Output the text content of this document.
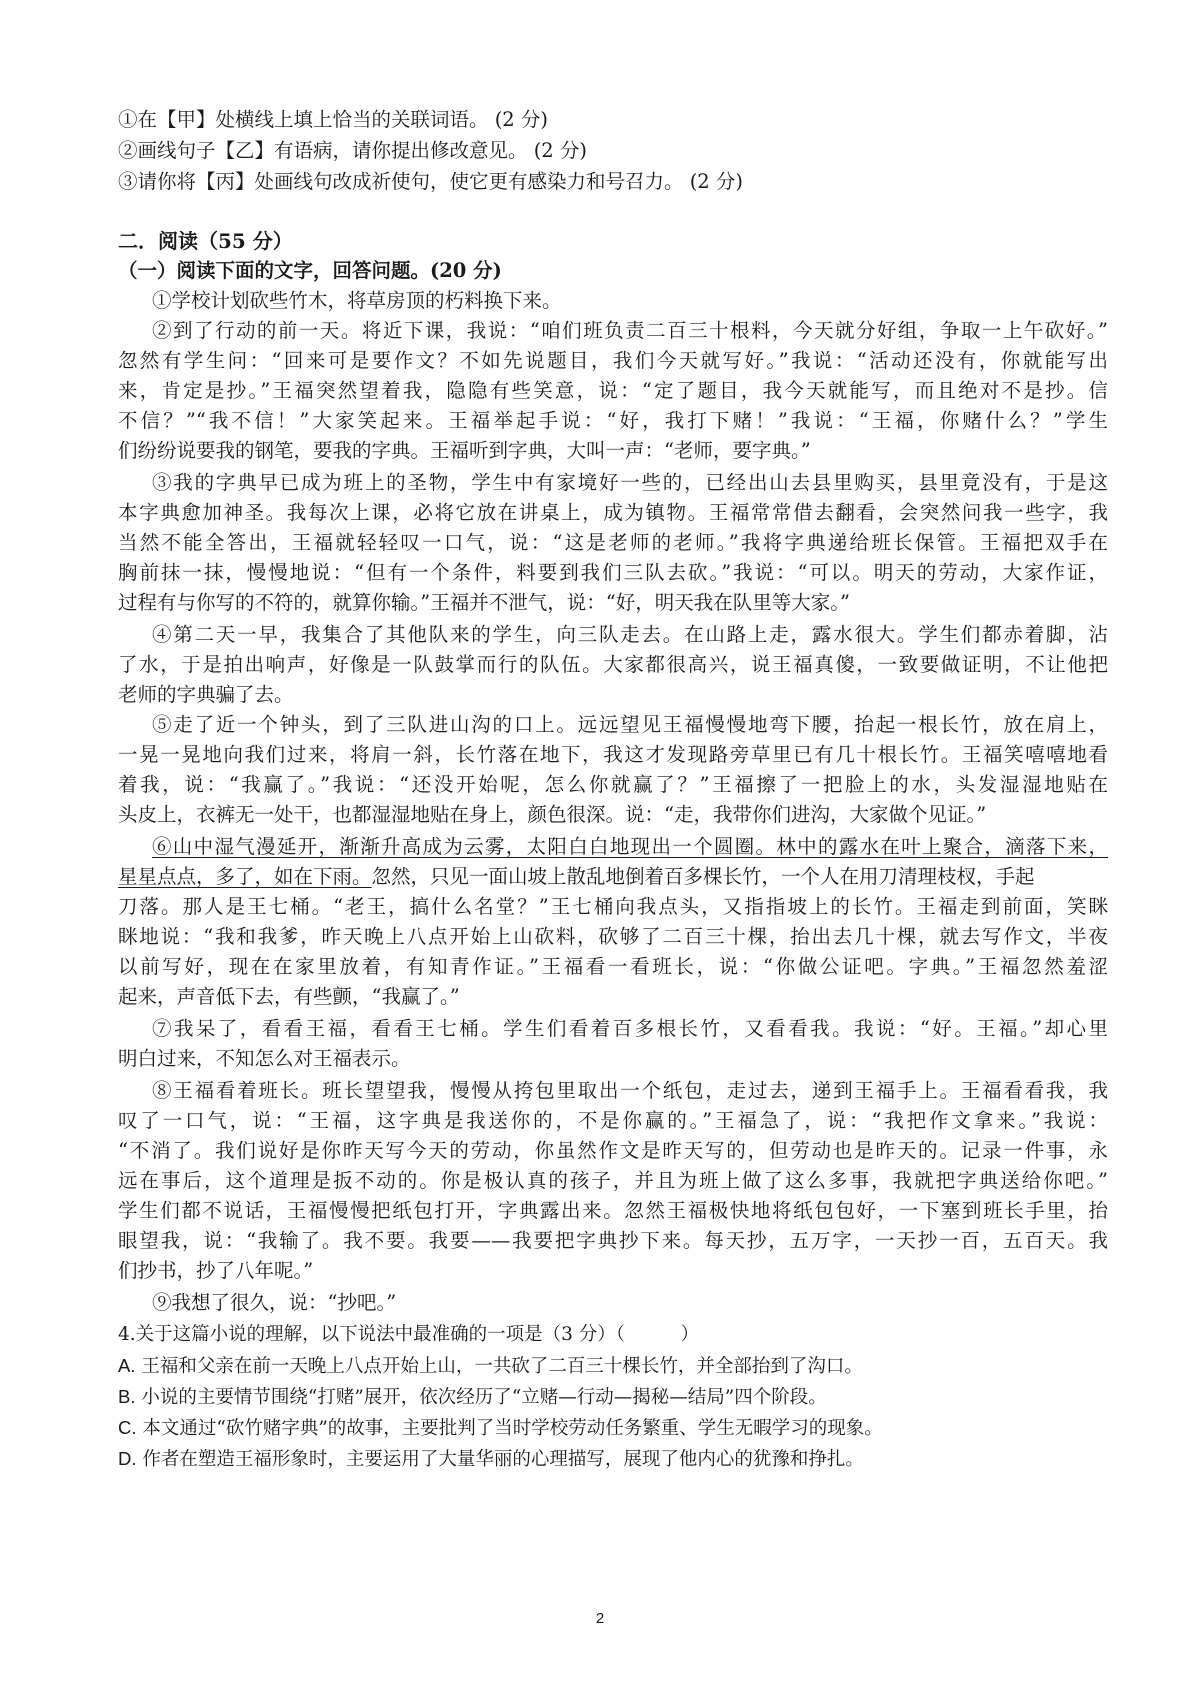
①在【甲】处横线上填上恰当的关联词语。 (2 分)
②画线句子【乙】有语病，请你提出修改意见。 (2 分)
③请你将【丙】处画线句改成祈使句，使它更有感染力和号召力。 (2 分)
二．阅读（55 分）
（一）阅读下面的文字，回答问题。(20 分)
①学校计划砍些竹木，将草房顶的朽料换下来。
②到了行动的前一天。将近下课，我说：“咱们班负责二百三十根料，今天就分好组，争取一上午砍好。”
忽然有学生问：“回来可是要作文？不如先说题目，我们今天就写好。”我说：“活动还没有，你就能写出
来，肯定是抄。”王福突然望着我，隐隐有些笑意，说：“定了题目，我今天就能写，而且绝对不是抄。信
不信？”“我不信！”大家笑起来。王福举起手说：“好，我打下赌！”我说：“王福，你赌什么？”学生
们纷纷说要我的钢笔，要我的字典。王福听到字典，大叫一声：“老师，要字典。”
③我的字典早已成为班上的圣物，学生中有家境好一些的，已经出山去县里购买，县里竟没有，于是这
本字典愈加神圣。我每次上课，必将它放在讲桌上，成为镇物。王福常常借去翻看，会突然问我一些字，我
当然不能全答出，王福就轻轻叹一口气，说：“这是老师的老师。”我将字典递给班长保管。王福把双手在
胸前抹一抹，慢慢地说：“但有一个条件，料要到我们三队去砍。”我说：“可以。明天的劳动，大家作证，
过程有与你写的不符的，就算你输。”王福并不泄气，说：“好，明天我在队里等大家。”
④第二天一早，我集合了其他队来的学生，向三队走去。在山路上走，露水很大。学生们都赤着脚，沾
了水，于是拍出响声，好像是一队鼓掌而行的队伍。大家都很高兴，说王福真傻，一致要做证明，不让他把
老师的字典骗了去。
⑤走了近一个钟头，到了三队进山沟的口上。远远望见王福慢慢地弯下腰，抬起一根长竹，放在肩上，
一晃一晃地向我们过来，将肩一斜，长竹落在地下，我这才发现路旁草里已有几十根长竹。王福笑嘻嘻地看
着我，说：“我赢了。”我说：“还没开始呢，怎么你就赢了？”王福擦了一把脸上的水，头发湿湿地贴在
头皮上，衣裤无一处干，也都湿湿地贴在身上，颜色很深。说：“走，我带你们进沟，大家做个见证。”
⑥山中湿气漫延开，渐渐升高成为云雾，太阳白白地现出一个圆圈。林中的露水在叶上聚合，滴落下来，
星星点点，多了，如在下雨。忽然，只见一面山坡上散乱地倒着百多棵长竹，一个人在用刀清理枝杈，手起
刀落。那人是王七桶。“老王，搞什么名堂？”王七桶向我点头，又指指坡上的长竹。王福走到前面，笑眯
眯地说：“我和我爹，昨天晚上八点开始上山砍料，砍够了二百三十棵，抬出去几十棵，就去写作文，半夜
以前写好，现在在家里放着，有知青作证。”王福看一看班长，说：“你做公证吧。字典。”王福忽然羞涩
起来，声音低下去，有些颤，“我赢了。”
⑦我呆了，看看王福，看看王七桶。学生们看着百多根长竹，又看看我。我说：“好。王福。”却心里
明白过来，不知怎么对王福表示。
⑧王福看着班长。班长望望我，慢慢从挎包里取出一个纸包，走过去，递到王福手上。王福看看我，我
叹了一口气，说：“王福，这字典是我送你的，不是你赢的。”王福急了，说：“我把作文拿来。”我说：
“不消了。我们说好是你昨天写今天的劳动，你虽然作文是昨天写的，但劳动也是昨天的。记录一件事，永
远在事后，这个道理是扳不动的。你是极认真的孩子，并且为班上做了这么多事，我就把字典送给你吧。”
学生们都不说话，王福慢慢把纸包打开，字典露出来。忽然王福极快地将纸包包好，一下塞到班长手里，抬
眼望我，说：“我输了。我不要。我要——我要把字典抄下来。每天抄，五万字，一天抄一百，五百天。我
们抄书，抄了八年呢。”
⑨我想了很久，说：“抄吧。”
4.关于这篇小说的理解，以下说法中最准确的一项是（3 分）（　　　）
A. 王福和父亲在前一天晚上八点开始上山，一共砍了二百三十棵长竹，并全部抬到了沟口。
B. 小说的主要情节围绕“打赌”展开，依次经历了“立赌—行动—揭秘—结局”四个阶段。
C. 本文通过“砍竹赌字典”的故事，主要批判了当时学校劳动任务繁重、学生无暇学习的现象。
D. 作者在塑造王福形象时，主要运用了大量华丽的心理描写，展现了他内心的犹豫和挣扎。
2
